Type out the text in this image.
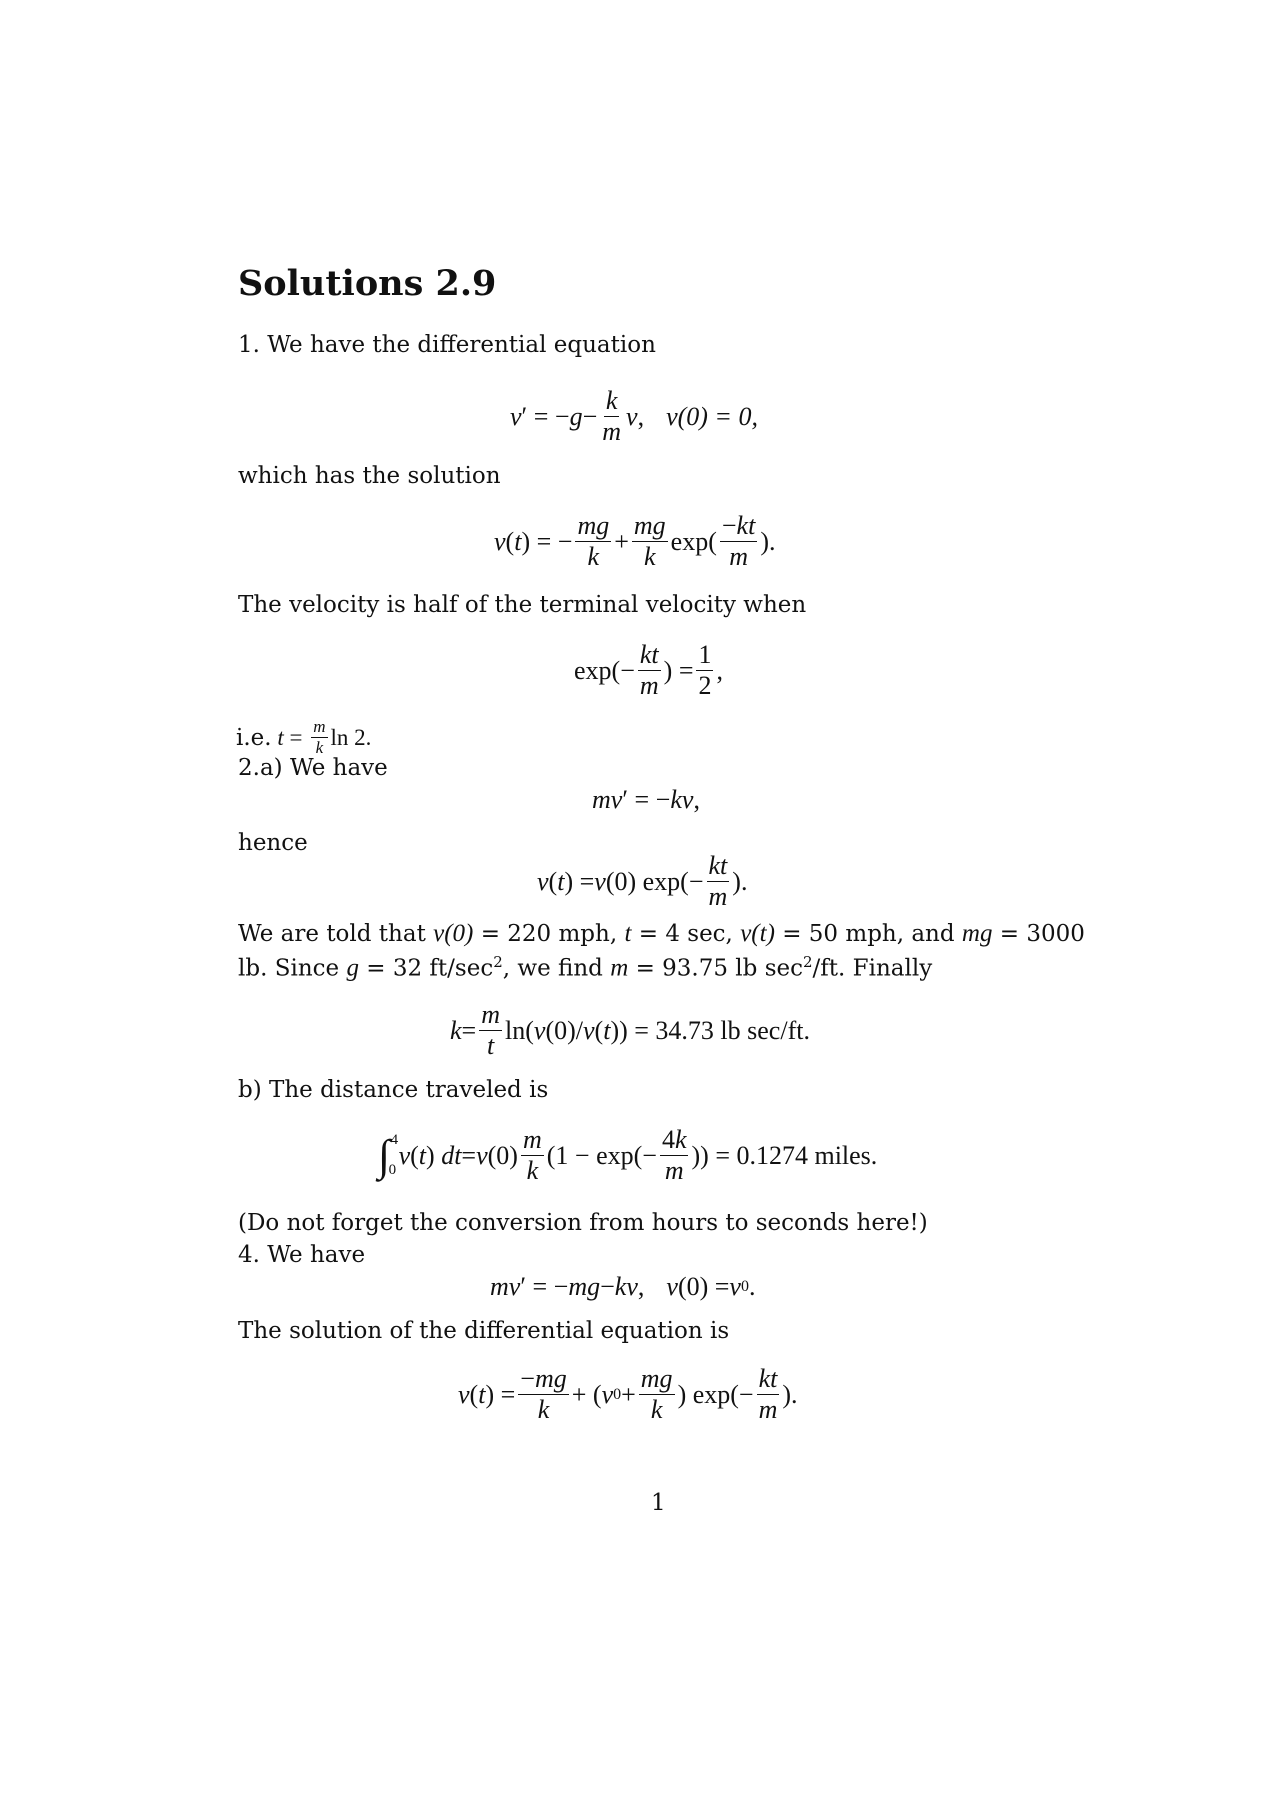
Solutions 2.9
1. We have the differential equation
v ′ = − $g - \frac{k}{m}$ v , v(0) = 0,
which has the solution
v ( t ) = − $\frac{mg}{k} + \frac{mg}{k} \exp( \frac{-kt}{m}$ ).
The velocity is half of the terminal velocity when
$\exp(- \frac{kt}{m}$ ) = $\frac{1}{2}$ ,
i.e.
$t = \frac{m}{k}$ ln 2.
2.a) We have
mv ′ = − kv ,
hence
v ( t ) = v (0) $\exp(- \frac{kt}{m}$ ).
We are told that v(0) = 220 mph, t = 4 sec, v(t) = 50 mph, and mg = 3000
lb. Since g = 32 $ft/\sec^2$, we find m = 93.75 lb $\sec^2/ft$. Finally
$k = \frac{m}{t} \ln$( v (0)/ v ( t )) = 34.73 lb sec/ft.
b) The distance traveled is
∫ 4
0

v ( t ) dt = v $(0) \frac{m}{k} (1 - \exp(- \frac{4k}{m}$ )) = 0.1274 miles.
(Do not forget the conversion from hours to seconds here!)
4. We have
mv ′ = − mg − kv , v (0) = v 0 .
The solution of the differential equation is
v ( t ) = $\frac{-mg}{k}$ + ( v $0 + \frac{mg}{k}$ ) $\exp(- \frac{kt}{m}$ ).
1
